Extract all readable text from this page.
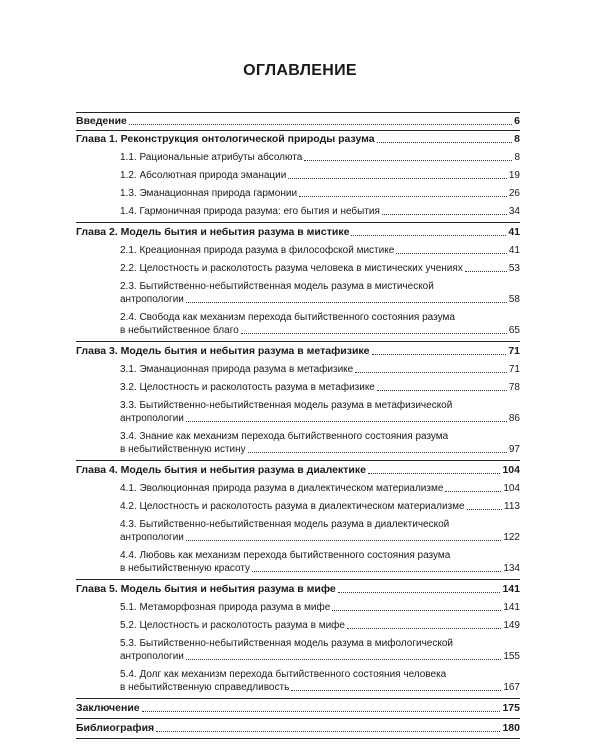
ОГЛАВЛЕНИЕ
Введение	6
Глава 1. Реконструкция онтологической природы разума	8
1.1. Рациональные атрибуты абсолюта	8
1.2. Абсолютная природа эманации	19
1.3. Эманационная природа гармонии	26
1.4. Гармоничная природа разума: его бытия и небытия	34
Глава 2. Модель бытия и небытия разума в мистике	41
2.1. Креационная природа разума в философской мистике	41
2.2. Целостность и расколотость разума человека в мистических учениях	53
2.3. Бытийственно-небытийственная модель разума в мистической
антропологии	58
2.4. Свобода как механизм перехода бытийственного состояния разума
в небытийственное благо	65
Глава 3. Модель бытия и небытия разума в метафизике	71
3.1. Эманационная природа разума в метафизике	71
3.2. Целостность и расколотость разума в метафизике	78
3.3. Бытийственно-небытийственная модель разума в метафизической
антропологии	86
3.4. Знание как механизм перехода бытийственного состояния разума
в небытийственную истину	97
Глава 4. Модель бытия и небытия разума в диалектике	104
4.1. Эволюционная природа разума в диалектическом материализме	104
4.2. Целостность и расколотость разума в диалектическом материализме	113
4.3. Бытийственно-небытийственная модель разума в диалектической
антропологии	122
4.4. Любовь как механизм перехода бытийственного состояния разума
в небытийственную красоту	134
Глава 5. Модель бытия и небытия разума в мифе	141
5.1. Метаморфозная природа разума в мифе	141
5.2. Целостность и расколотость разума в мифе	149
5.3. Бытийственно-небытийственная модель разума в мифологической
антропологии	155
5.4. Долг как механизм перехода бытийственного состояния человека
в небытийственную справедливость	167
Заключение	175
Библиография	180
